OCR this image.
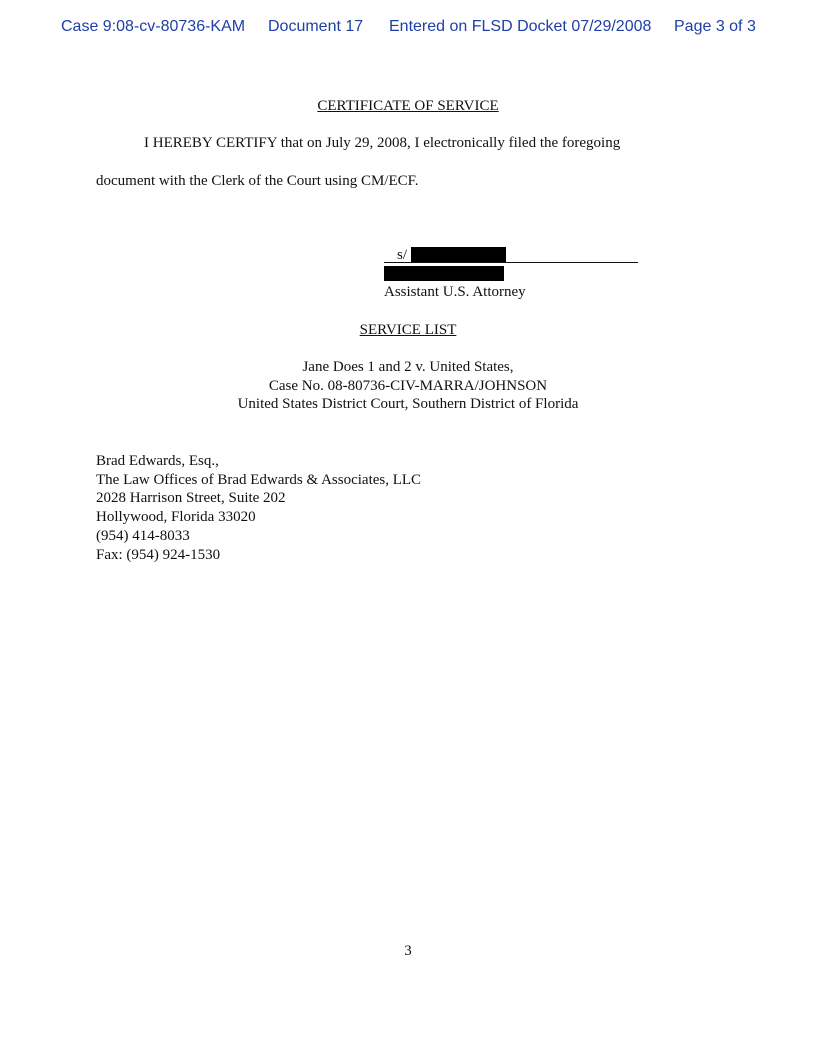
Case 9:08-cv-80736-KAM Document 17 Entered on FLSD Docket 07/29/2008 Page 3 of 3
CERTIFICATE OF SERVICE
I HEREBY CERTIFY that on July 29, 2008, I electronically filed the foregoing
document with the Clerk of the Court using CM/ECF.
s/
Assistant U.S. Attorney
SERVICE LIST
Jane Does 1 and 2 v. United States,
Case No. 08-80736-CIV-MARRA/JOHNSON
United States District Court, Southern District of Florida
Brad Edwards, Esq.,
The Law Offices of Brad Edwards & Associates, LLC
2028 Harrison Street, Suite 202
Hollywood, Florida 33020
(954) 414-8033
Fax: (954) 924-1530
3
